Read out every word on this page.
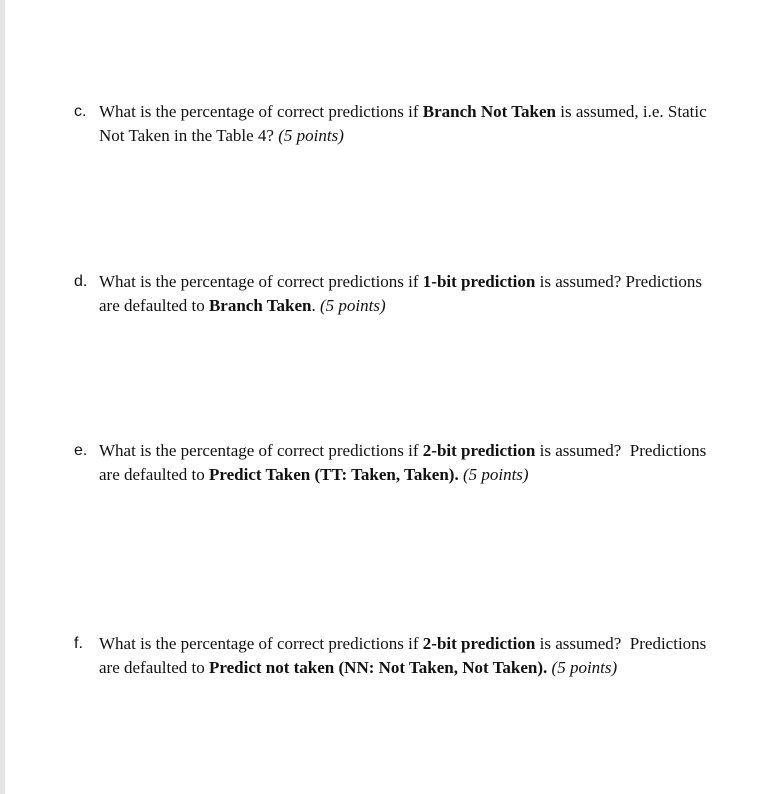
c. What is the percentage of correct predictions if Branch Not Taken is assumed, i.e. Static
Not Taken in the Table 4? (5 points)
d. What is the percentage of correct predictions if 1-bit prediction is assumed? Predictions
are defaulted to Branch Taken. (5 points)
e. What is the percentage of correct predictions if 2-bit prediction is assumed?  Predictions
are defaulted to Predict Taken (TT: Taken, Taken). (5 points)
f. What is the percentage of correct predictions if 2-bit prediction is assumed?  Predictions
are defaulted to Predict not taken (NN: Not Taken, Not Taken). (5 points)
